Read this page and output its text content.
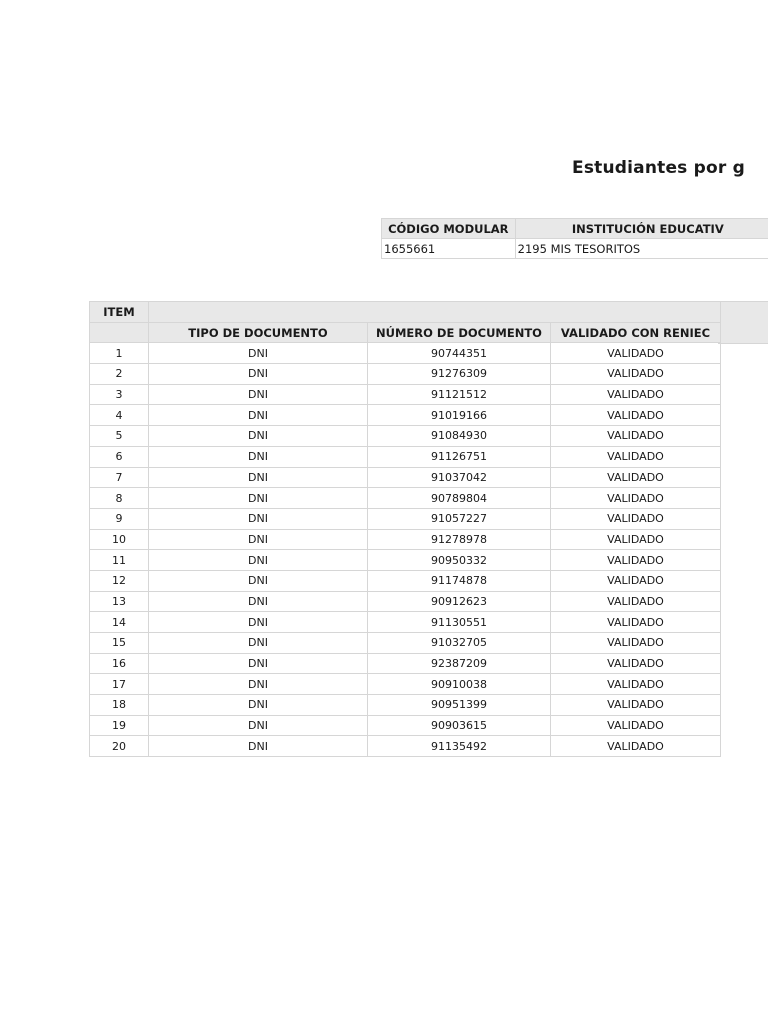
Estudiantes por g
CÓDIGO MODULAR	INSTITUCIÓN EDUCATIV
1655661	2195 MIS TESORITOS
ITEM			
	TIPO DE DOCUMENTO	NÚMERO DE DOCUMENTO	VALIDADO CON RENIEC
1	DNI	90744351	VALIDADO
2	DNI	91276309	VALIDADO
3	DNI	91121512	VALIDADO
4	DNI	91019166	VALIDADO
5	DNI	91084930	VALIDADO
6	DNI	91126751	VALIDADO
7	DNI	91037042	VALIDADO
8	DNI	90789804	VALIDADO
9	DNI	91057227	VALIDADO
10	DNI	91278978	VALIDADO
11	DNI	90950332	VALIDADO
12	DNI	91174878	VALIDADO
13	DNI	90912623	VALIDADO
14	DNI	91130551	VALIDADO
15	DNI	91032705	VALIDADO
16	DNI	92387209	VALIDADO
17	DNI	90910038	VALIDADO
18	DNI	90951399	VALIDADO
19	DNI	90903615	VALIDADO
20	DNI	91135492	VALIDADO
